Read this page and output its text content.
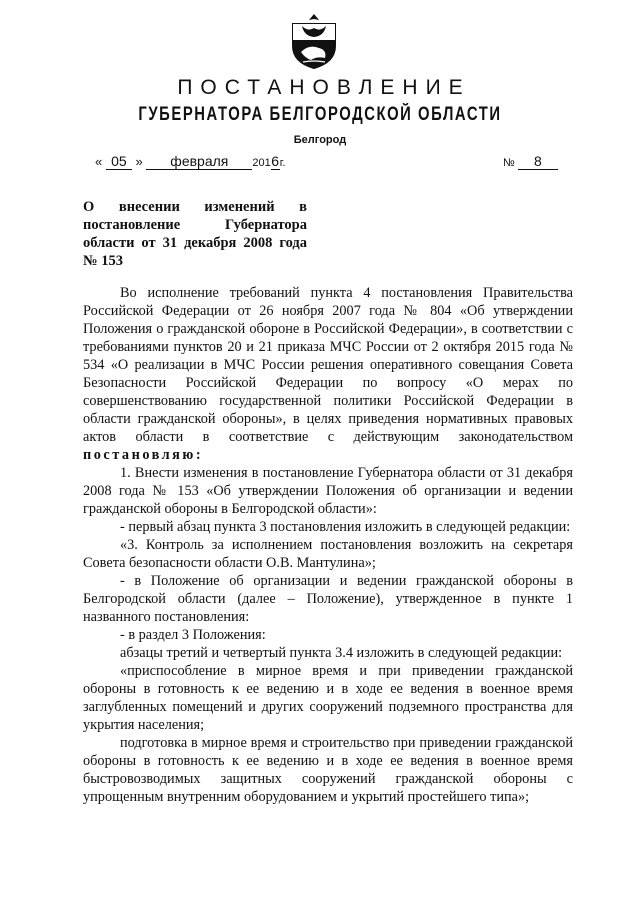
ПОСТАНОВЛЕНИЕ
ГУБЕРНАТОРА БЕЛГОРОДСКОЙ ОБЛАСТИ
Белгород
« 05 » февраля 2016г.	№ 8
О внесении изменений в
постановление Губернатора
области от 31 декабря 2008 года
№ 153

Во исполнение требований пункта 4 постановления Правительства Российской Федерации от 26 ноября 2007 года № 804 «Об утверждении Положения о гражданской обороне в Российской Федерации», в соответствии с требованиями пунктов 20 и 21 приказа МЧС России от 2 октября 2015 года № 534 «О реализации в МЧС России решения оперативного совещания Совета Безопасности Российской Федерации по вопросу «О мерах по совершенствованию государственной политики Российской Федерации в области гражданской обороны», в целях приведения нормативных правовых актов области в соответствие с действующим законодательством постановляю:

1. Внести изменения в постановление Губернатора области от 31 декабря 2008 года № 153 «Об утверждении Положения об организации и ведении гражданской обороны в Белгородской области»:

- первый абзац пункта 3 постановления изложить в следующей редакции:

«3. Контроль за исполнением постановления возложить на секретаря Совета безопасности области О.В. Мантулина»;

- в Положение об организации и ведении гражданской обороны в Белгородской области (далее – Положение), утвержденное в пункте 1 названного постановления:

- в раздел 3 Положения:

абзацы третий и четвертый пункта 3.4 изложить в следующей редакции:

«приспособление в мирное время и при приведении гражданской обороны в готовность к ее ведению и в ходе ее ведения в военное время заглубленных помещений и других сооружений подземного пространства для укрытия населения;

подготовка в мирное время и строительство при приведении гражданской обороны в готовность к ее ведению и в ходе ее ведения в военное время быстровозводимых защитных сооружений гражданской обороны с упрощенным внутренним оборудованием и укрытий простейшего типа»;
